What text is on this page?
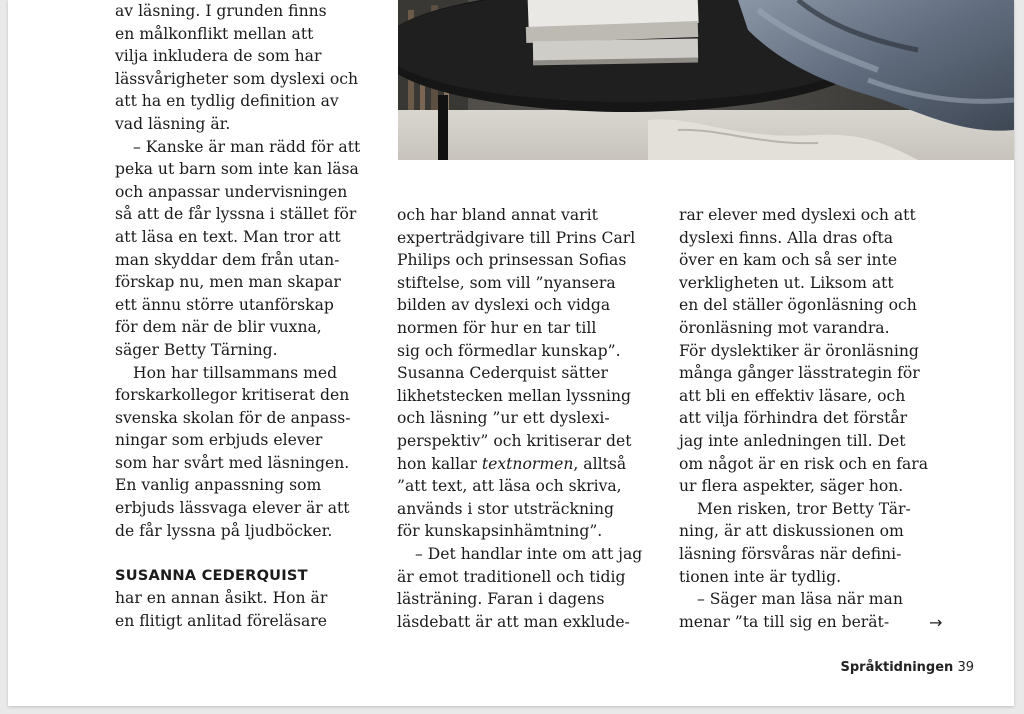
av läsning. I grunden finns
en målkonflikt mellan att
vilja inkludera de som har
lässvårigheter som dyslexi och
att ha en tydlig definition av
vad läsning är.
– Kanske är man rädd för att
peka ut barn som inte kan läsa
och anpassar undervisningen
så att de får lyssna i stället för
att läsa en text. Man tror att
man skyddar dem från utan-
förskap nu, men man skapar
ett ännu större utanförskap
för dem när de blir vuxna,
säger Betty Tärning.
Hon har tillsammans med
forskarkollegor kritiserat den
svenska skolan för de anpass-
ningar som erbjuds elever
som har svårt med läsningen.
En vanlig anpassning som
erbjuds lässvaga elever är att
de får lyssna på ljudböcker.
SUSANNA CEDERQUIST
har en annan åsikt. Hon är
en flitigt anlitad föreläsare
och har bland annat varit
experträdgivare till Prins Carl
Philips och prinsessan Sofias
stiftelse, som vill ”nyansera
bilden av dyslexi och vidga
normen för hur en tar till
sig och förmedlar kunskap”.
Susanna Cederquist sätter
likhetstecken mellan lyssning
och läsning ”ur ett dyslexi-
perspektiv” och kritiserar det
hon kallar textnormen, alltså
”att text, att läsa och skriva,
används i stor utsträckning
för kunskapsinhämtning”.
– Det handlar inte om att jag
är emot traditionell och tidig
lästräning. Faran i dagens
läsdebatt är att man exklude-
rar elever med dyslexi och att
dyslexi finns. Alla dras ofta
över en kam och så ser inte
verkligheten ut. Liksom att
en del ställer ögonläsning och
öronläsning mot varandra.
För dyslektiker är öronläsning
många gånger lässtrategin för
att bli en effektiv läsare, och
att vilja förhindra det förstår
jag inte anledningen till. Det
om något är en risk och en fara
ur flera aspekter, säger hon.
Men risken, tror Betty Tär-
ning, är att diskussionen om
läsning försvåras när defini-
tionen inte är tydlig.
– Säger man läsa när man
menar ”ta till sig en berät-	→
Språktidningen 39
